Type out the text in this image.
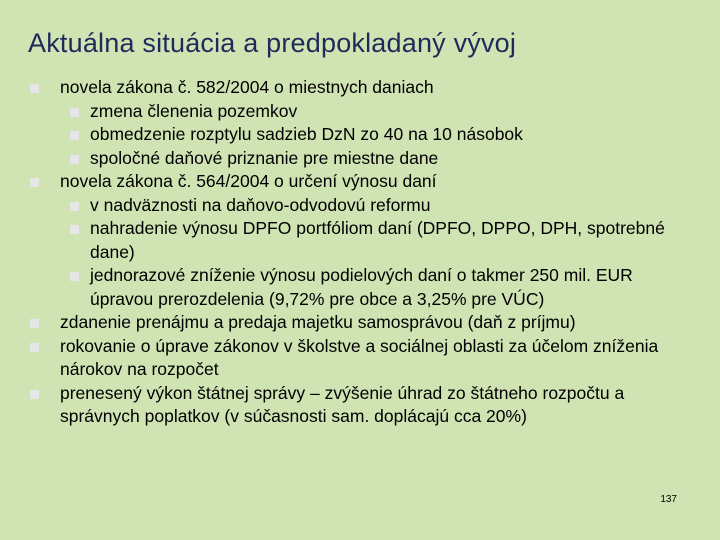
Aktuálna situácia a predpokladaný vývoj
novela zákona č. 582/2004 o miestnych daniach
zmena členenia pozemkov
obmedzenie rozptylu sadzieb DzN zo 40 na 10 násobok
spoločné daňové priznanie pre miestne dane
novela zákona č. 564/2004 o určení výnosu daní
v nadväznosti na daňovo-odvodovú reformu
nahradenie výnosu DPFO portfóliom daní (DPFO, DPPO, DPH, spotrebné dane)
jednorazové zníženie výnosu podielových daní o takmer 250 mil. EUR úpravou prerozdelenia (9,72% pre obce a 3,25% pre VÚC)
zdanenie prenájmu a predaja majetku samosprávou (daň z príjmu)
rokovanie o úprave zákonov v školstve a sociálnej oblasti za účelom zníženia nárokov na rozpočet
prenesený výkon štátnej správy – zvýšenie úhrad zo štátneho rozpočtu a správnych poplatkov (v súčasnosti sam. doplácajú cca 20%)
137
